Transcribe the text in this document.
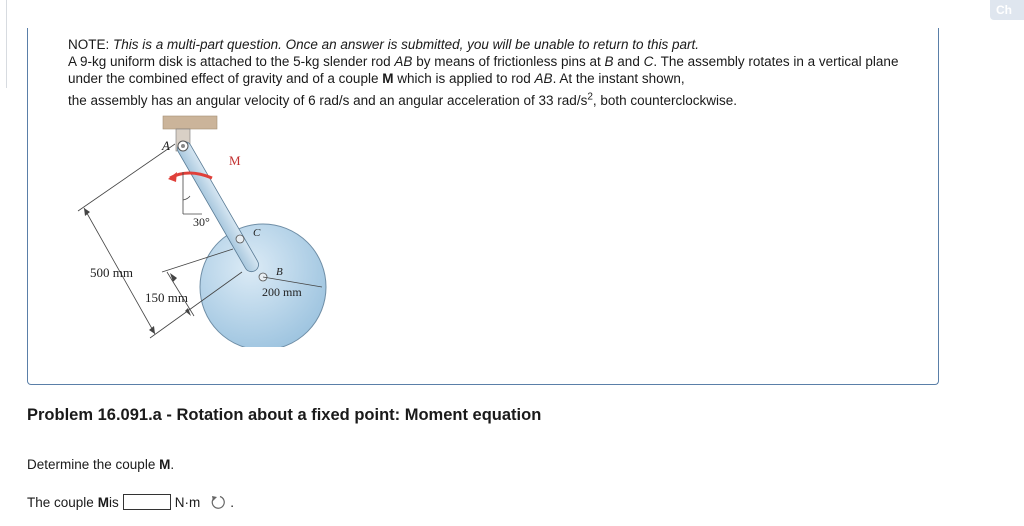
Ch

NOTE: This is a multi-part question. Once an answer is submitted, you will be unable to return to this part.

A 9-kg uniform disk is attached to the 5-kg slender rod AB by means of frictionless pins at B and C. The assembly rotates in a vertical plane under the combined effect of gravity and of a couple M which is applied to rod AB. At the instant shown,

the assembly has an angular velocity of 6 rad/s and an angular acceleration of 33 rad/$s^2$, both counterclockwise.

A
M
C
B
30°
500 mm
150 mm	200 mm
Problem 16.091.a - Rotation about a fixed point: Moment equation
Determine the couple M.
The couple M is	N·m .
